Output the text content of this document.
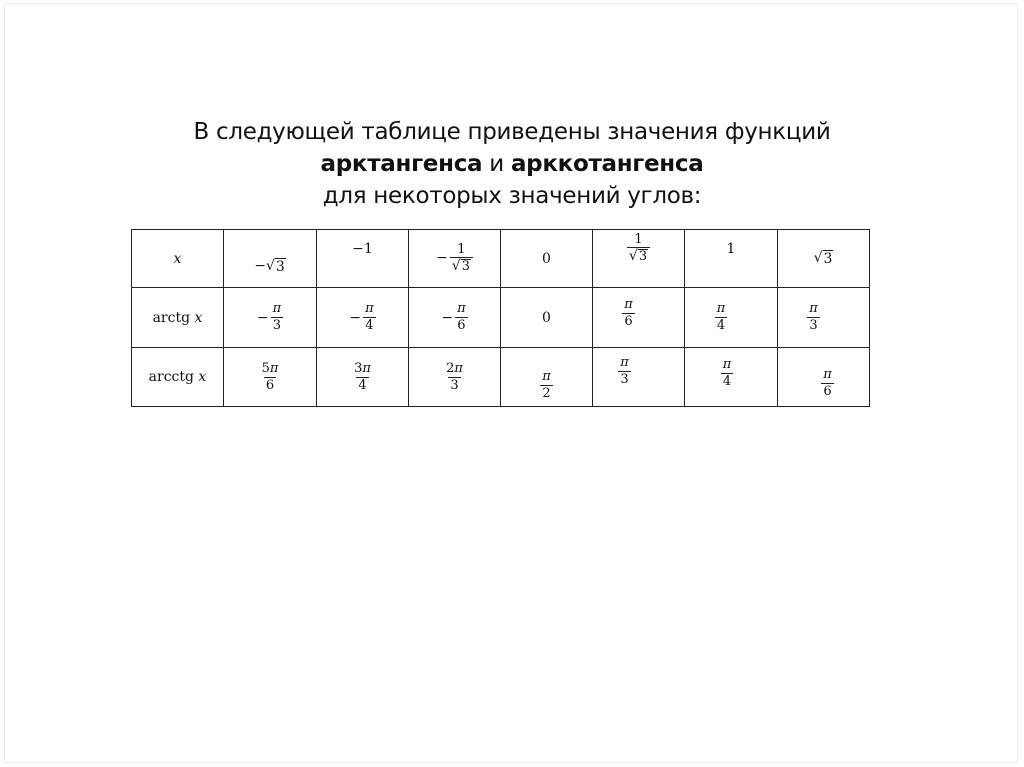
В следующей таблице приведены значения функций
арктангенса и арккотангенса
для некоторых значений углов:
x	− √ 3	−1	− $\frac{1}{√ 3}$	0	$\frac{1}{√ 3}$	1	√ 3

arctg x	− $\frac{\pi}{3}$	− $\frac{\pi}{4}$	− $\frac{\pi}{6}$	0	$\frac{\pi}{6}$	$\frac{\pi}{4}$	$\frac{\pi}{3}$

arcctg x	$\frac{5\pi}{6}$	$\frac{3\pi}{4}$	$\frac{2\pi}{3}$	$\frac{\pi}{2}$	$\frac{\pi}{3}$	$\frac{\pi}{4}$	$\frac{\pi}{6}$
